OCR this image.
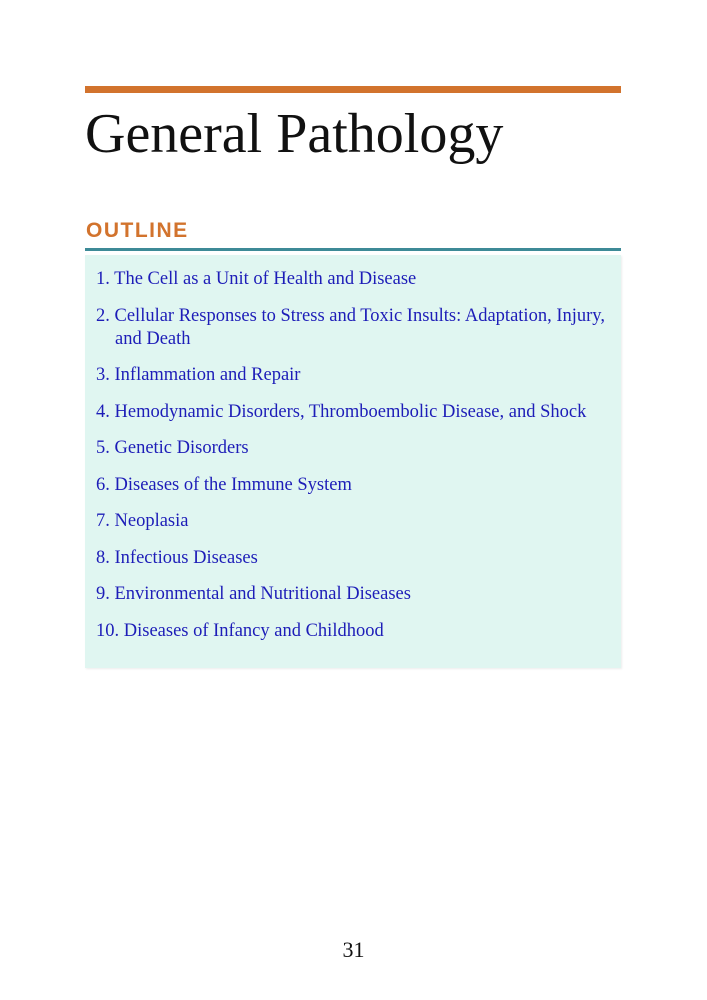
General Pathology
OUTLINE
1. The Cell as a Unit of Health and Disease
2. Cellular Responses to Stress and Toxic Insults: Adaptation, Injury, and Death
3. Inflammation and Repair
4. Hemodynamic Disorders, Thromboembolic Disease, and Shock
5. Genetic Disorders
6. Diseases of the Immune System
7. Neoplasia
8. Infectious Diseases
9. Environmental and Nutritional Diseases
10. Diseases of Infancy and Childhood
31
